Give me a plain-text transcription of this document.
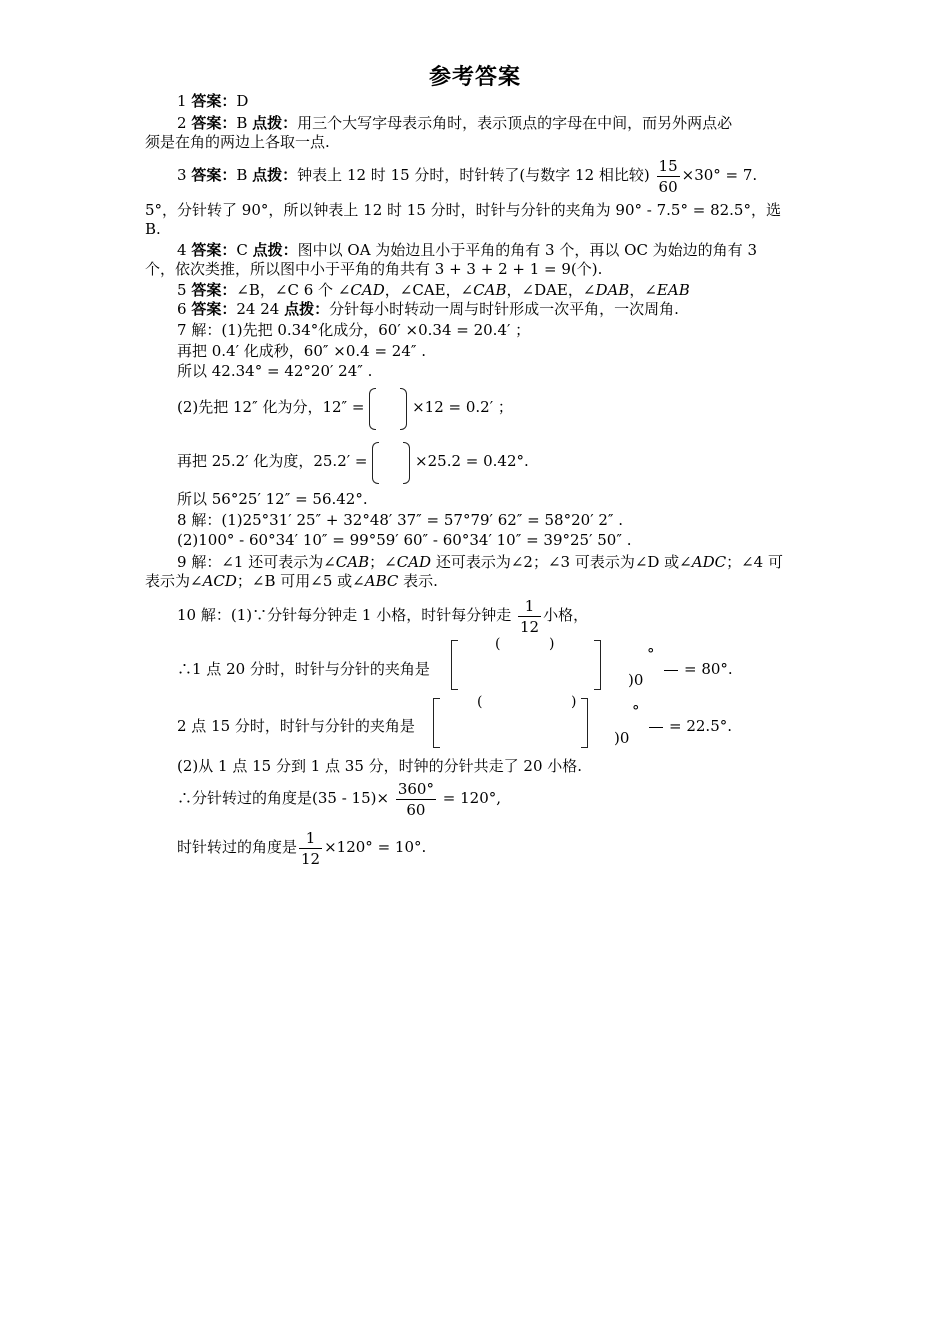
参考答案
1 答案：D
2 答案：B 点拨：用三个大写字母表示角时，表示顶点的字母在中间，而另外两点必
须是在角的两边上各取一点.
3 答案：B 点拨：钟表上 12 时 15 分时，时针转了(与数字 12 相比较) $\frac{15}{60} \times 30^\circ = 7$.
5°，分针转了 90°，所以钟表上 12 时 15 分时，时针与分针的夹角为 90° - 7.5° = 82.5°，选
B.
4 答案：C 点拨：图中以 OA 为始边且小于平角的角有 3 个，再以 OC 为始边的角有 3
个，依次类推，所以图中小于平角的角共有 3 + 3 + 2 + 1 = 9(个).
5 答案：∠B，∠C 6 个 ∠CAD，∠CAE，∠CAB，∠DAE，∠DAB，∠EAB
6 答案：24 24 点拨：分针每小时转动一周与时针形成一次平角，一次周角.
7 解：(1)先把 0.34°化成分，60′ ×0.34 = 20.4′ ；
再把 0.4′ 化成秒，60″ ×0.4 = 24″ .
所以 42.34° = 42°20′ 24″ .
(2)先把 12″ 化为分，12″ =	×12 = 0.2′ ；
再把 25.2′ 化为度，25.2′ =	×25.2 = 0.42°.
所以 56°25′ 12″ = 56.42°.
8 解：(1)25°31′ 25″ + 32°48′ 37″ = 57°79′ 62″ = 58°20′ 2″ .
(2)100° - 60°34′ 10″ = 99°59′ 60″ - 60°34′ 10″ = 39°25′ 50″ .
9 解：∠1 还可表示为∠CAB；∠CAD 还可表示为∠2；∠3 可表示为∠D 或∠ADC；∠4 可
表示为∠ACD；∠B 可用∠5 或∠ABC 表示.
10 解：(1)∵分针每分钟走 1 小格，时针每分钟走 $\frac{1}{12}$ 小格，
∴1 点 20 分时，时针与分针的夹角是
(	)
°
)0
= 80°.
2 点 15 分时，时针与分针的夹角是
(	)	°
)0
= 22.5°.
(2)从 1 点 15 分到 1 点 35 分，时钟的分针共走了 20 小格.
∴分针转过的角度是$(35 - 15)\times \frac{360^\circ}{60} = 120^\circ$,
时针转过的角度是 $\frac{1}{12} \times 120^\circ = 10^\circ$.
